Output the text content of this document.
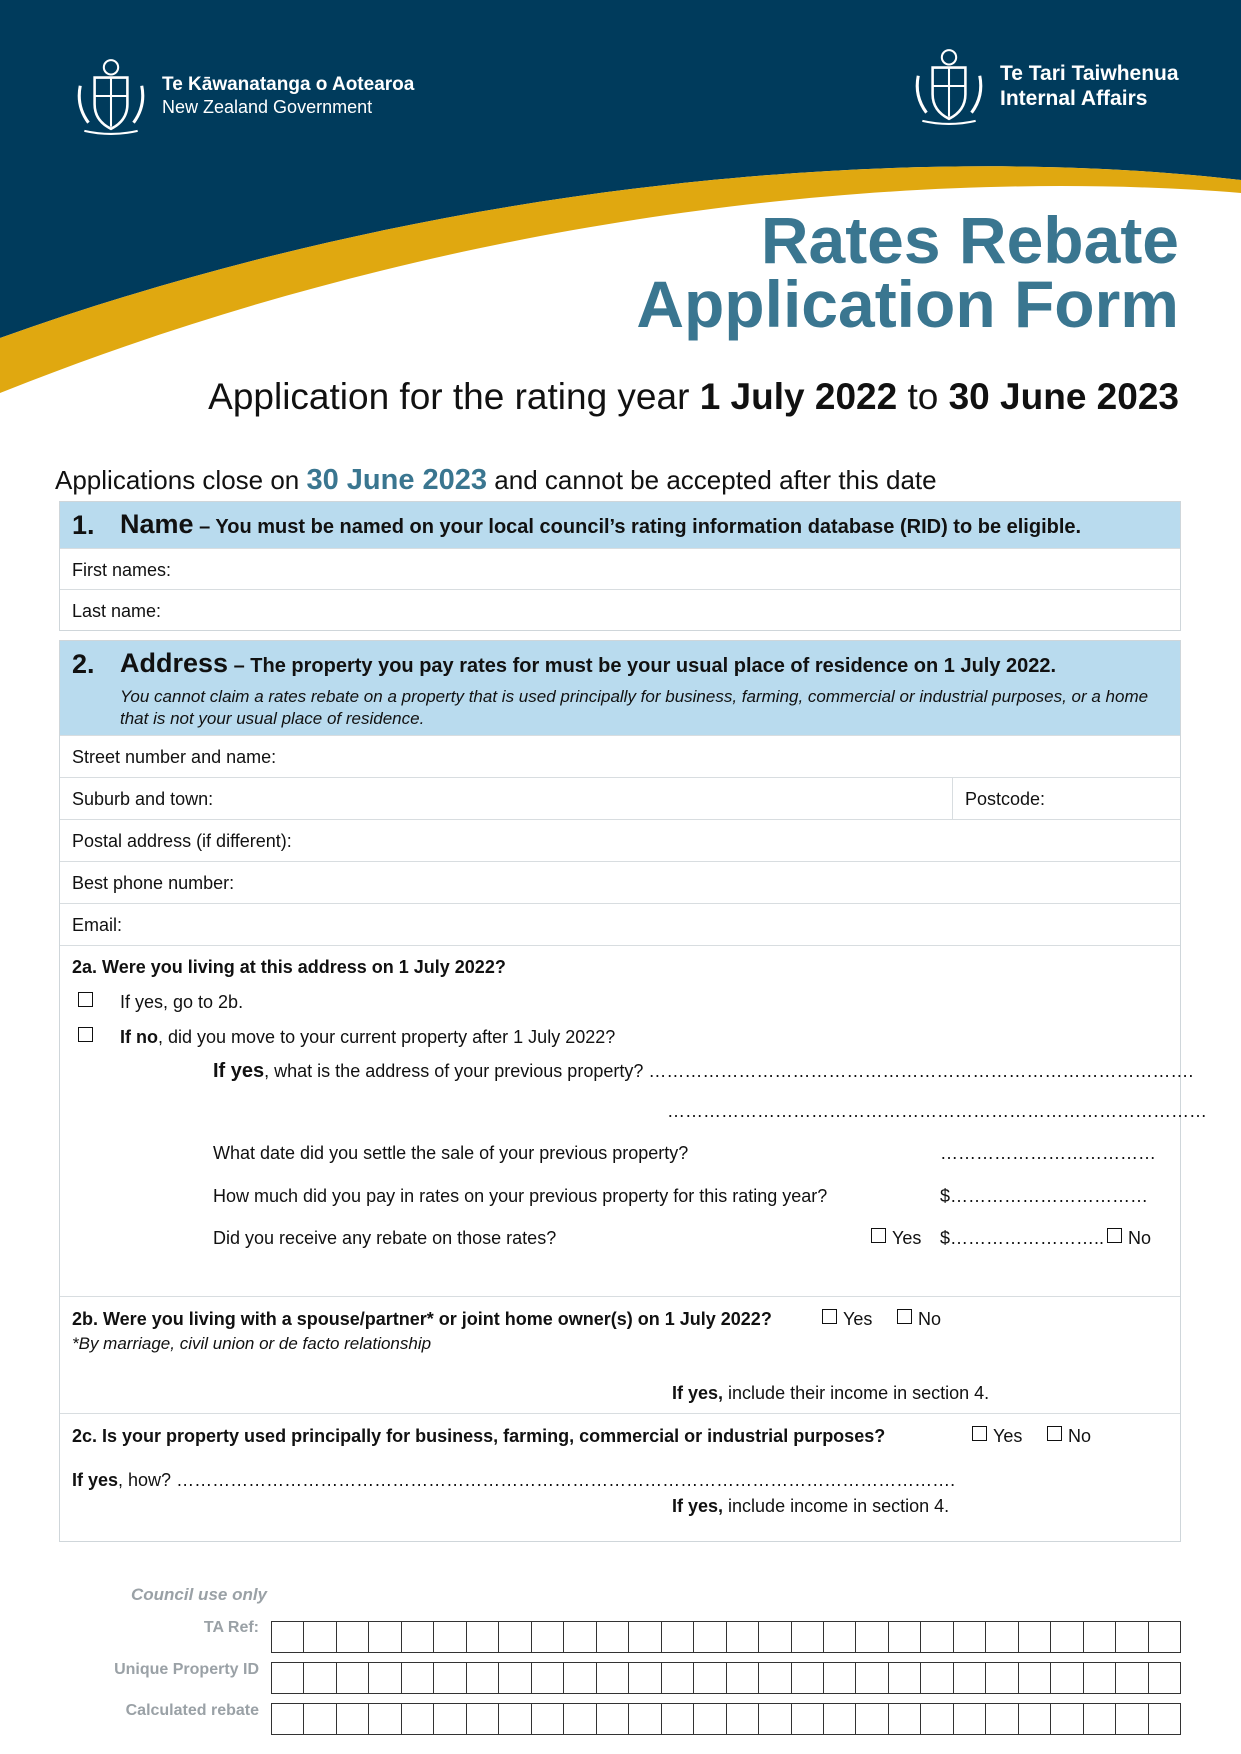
Te Kāwanatanga o Aotearoa
New Zealand Government
Te Tari Taiwhenua
Internal Affairs
Rates Rebate
Application Form
Application for the rating year 1 July 2022 to 30 June 2023
Applications close on 30 June 2023 and cannot be accepted after this date
1. Name – You must be named on your local council’s rating information database (RID) to be eligible.
First names:
Last name:
2. Address – The property you pay rates for must be your usual place of residence on 1 July 2022.
You cannot claim a rates rebate on a property that is used principally for business, farming, commercial or industrial purposes, or a home that is not your usual place of residence.
Street number and name:
Suburb and town:	Postcode:
Postal address (if different):
Best phone number:
Email:
2a. Were you living at this address on 1 July 2022?
If yes, go to 2b.
If no, did you move to your current property after 1 July 2022?
If yes, what is the address of your previous property? ……………………………………………………………………………….
………………………………………………………………………………
What date did you settle the sale of your previous property?	………………………………
How much did you pay in rates on your previous property for this rating year?	$……………………………
Did you receive any rebate on those rates?	Yes $…………………….. No
2b. Were you living with a spouse/partner* or joint home owner(s) on 1 July 2022?	Yes	No
*By marriage, civil union or de facto relationship
If yes, include their income in section 4.
2c. Is your property used principally for business, farming, commercial or industrial purposes?	Yes	No
If yes, how? ………………………………………………………………………………………………………………….
If yes, include income in section 4.
Council use only
TA Ref:
Unique Property ID
Calculated rebate
